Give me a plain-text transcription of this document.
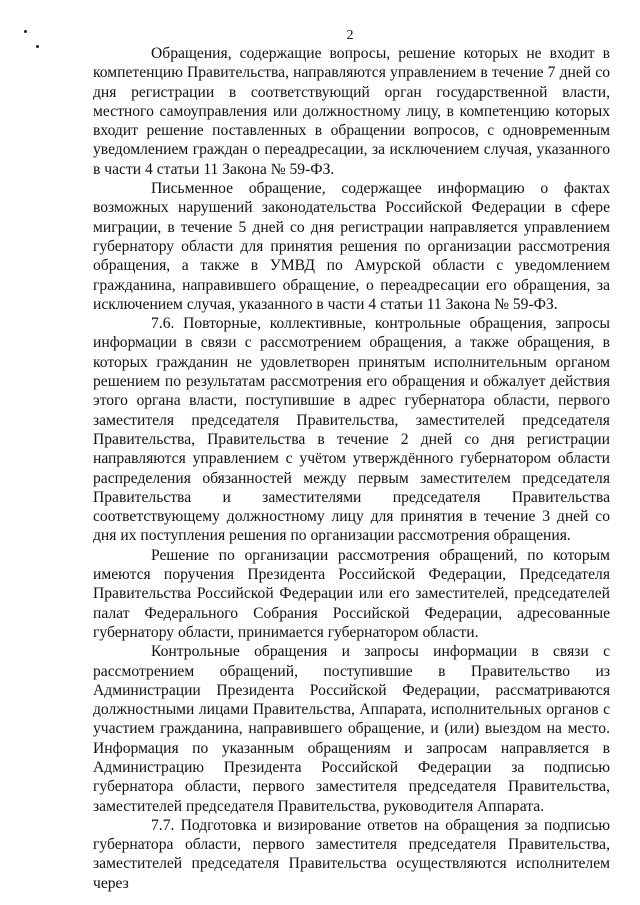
2

Обращения, содержащие вопросы, решение которых не входит в компетенцию Правительства, направляются управлением в течение 7 дней со дня регистрации в соответствующий орган государственной власти, местного самоуправления или должностному лицу, в компетенцию которых входит решение поставленных в обращении вопросов, с одновременным уведомлением граждан о переадресации, за исключением случая, указанного в части 4 статьи 11 Закона № 59-ФЗ.

Письменное обращение, содержащее информацию о фактах возможных нарушений законодательства Российской Федерации в сфере миграции, в течение 5 дней со дня регистрации направляется управлением губернатору области для принятия решения по организации рассмотрения обращения, а также в УМВД по Амурской области с уведомлением гражданина, направившего обращение, о переадресации его обращения, за исключением случая, указанного в части 4 статьи 11 Закона № 59-ФЗ.

7.6. Повторные, коллективные, контрольные обращения, запросы информации в связи с рассмотрением обращения, а также обращения, в которых гражданин не удовлетворен принятым исполнительным органом решением по результатам рассмотрения его обращения и обжалует действия этого органа власти, поступившие в адрес губернатора области, первого заместителя председателя Правительства, заместителей председателя Правительства, Правительства в течение 2 дней со дня регистрации направляются управлением с учётом утверждённого губернатором области распределения обязанностей между первым заместителем председателя Правительства и заместителями председателя Правительства соответствующему должностному лицу для принятия в течение 3 дней со дня их поступления решения по организации рассмотрения обращения.

Решение по организации рассмотрения обращений, по которым имеются поручения Президента Российской Федерации, Председателя Правительства Российской Федерации или его заместителей, председателей палат Федерального Собрания Российской Федерации, адресованные губернатору области, принимается губернатором области.

Контрольные обращения и запросы информации в связи с рассмотрением обращений, поступившие в Правительство из Администрации Президента Российской Федерации, рассматриваются должностными лицами Правительства, Аппарата, исполнительных органов с участием гражданина, направившего обращение, и (или) выездом на место. Информация по указанным обращениям и запросам направляется в Администрацию Президента Российской Федерации за подписью губернатора области, первого заместителя председателя Правительства, заместителей председателя Правительства, руководителя Аппарата.

7.7. Подготовка и визирование ответов на обращения за подписью губернатора области, первого заместителя председателя Правительства, заместителей председателя Правительства осуществляются исполнителем через
